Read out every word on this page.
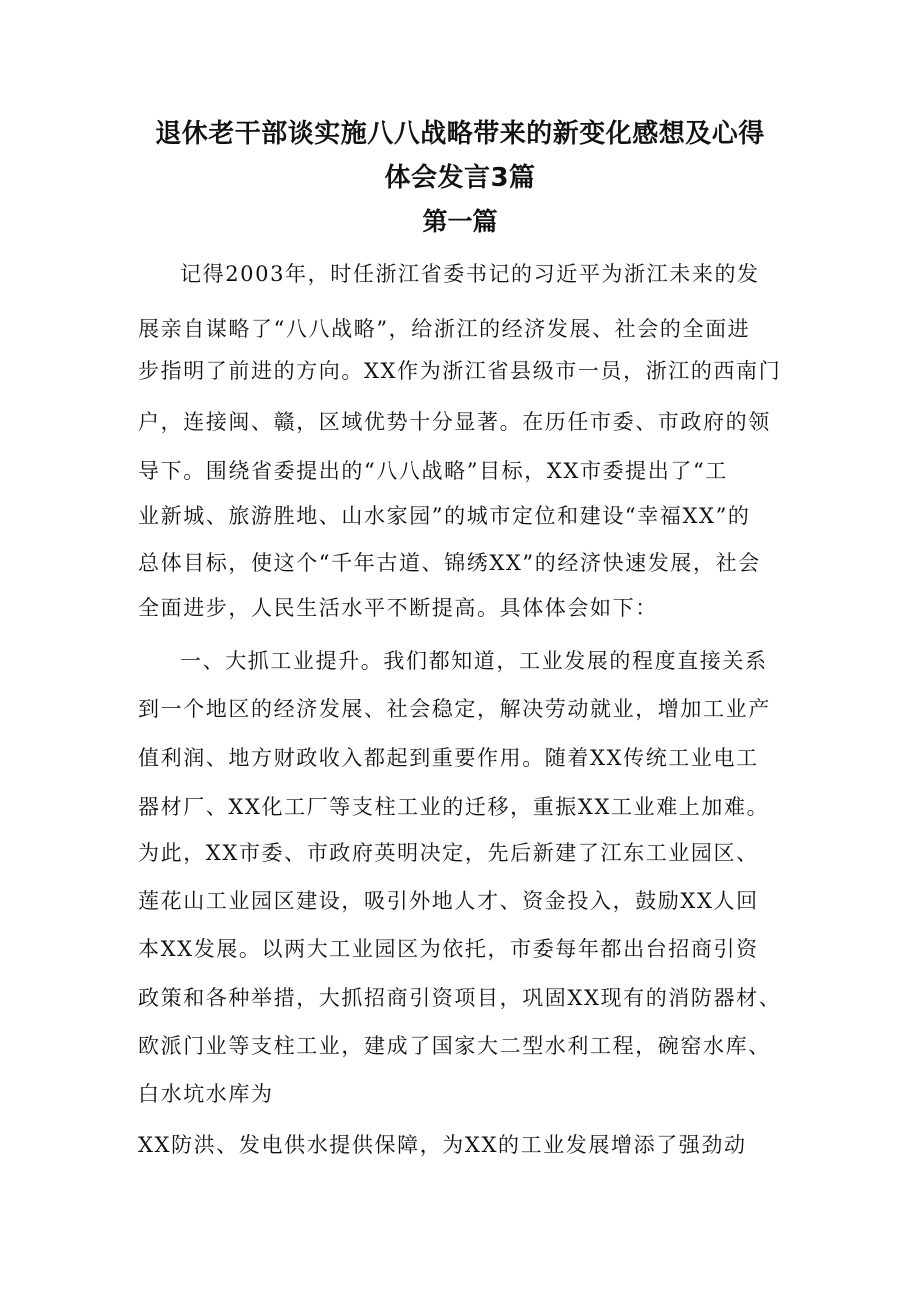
退休老干部谈实施八八战略带来的新变化感想及心得
体会发言3篇
第一篇

记得2003年，时任浙江省委书记的习近平为浙江未来的发

展亲自谋略了“八八战略”，给浙江的经济发展、社会的全面进

步指明了前进的方向。XX作为浙江省县级市一员，浙江的西南门

户，连接闽、赣，区域优势十分显著。在历任市委、市政府的领

导下。围绕省委提出的“八八战略”目标，XX市委提出了“工

业新城、旅游胜地、山水家园”的城市定位和建设“幸福XX”的

总体目标，使这个“千年古道、锦绣XX”的经济快速发展，社会

全面进步，人民生活水平不断提高。具体体会如下：

一、大抓工业提升。我们都知道，工业发展的程度直接关系

到一个地区的经济发展、社会稳定，解决劳动就业，增加工业产

值利润、地方财政收入都起到重要作用。随着XX传统工业电工

器材厂、XX化工厂等支柱工业的迁移，重振XX工业难上加难。

为此，XX市委、市政府英明决定，先后新建了江东工业园区、

莲花山工业园区建设，吸引外地人才、资金投入，鼓励XX人回

本XX发展。以两大工业园区为依托，市委每年都出台招商引资

政策和各种举措，大抓招商引资项目，巩固XX现有的消防器材、

欧派门业等支柱工业，建成了国家大二型水利工程，碗窑水库、

白水坑水库为

XX防洪、发电供水提供保障，为XX的工业发展增添了强劲动
